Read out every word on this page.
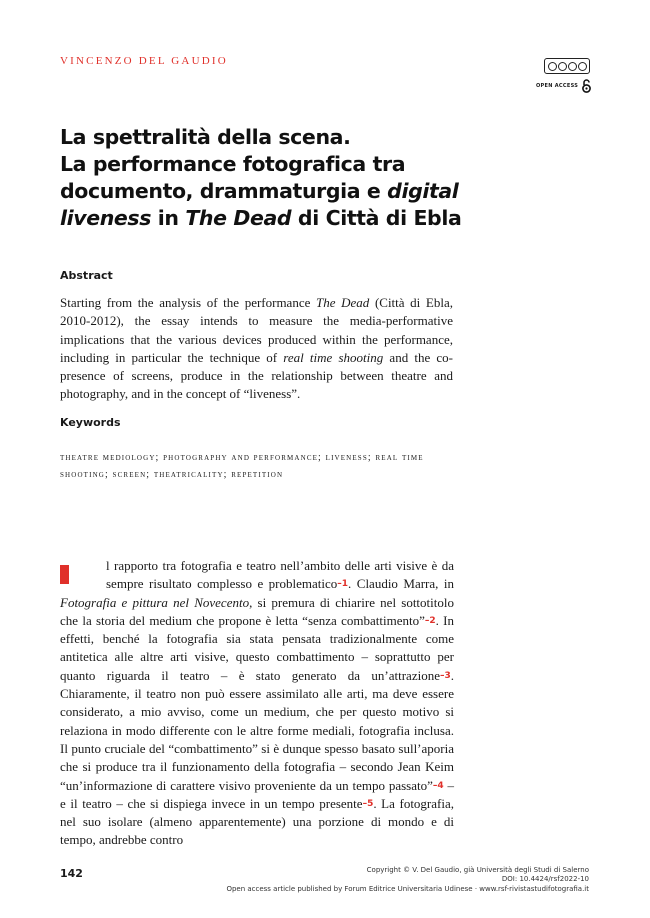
VINCENZO DEL GAUDIO
OPEN ACCESS
La spettralità della scena.
La performance fotografica tra
documento, drammaturgia e digital
liveness in The Dead di Città di Ebla
Abstract

Starting from the analysis of the performance The Dead (Città di Ebla, 2010-2012), the essay intends to measure the media-performative implications that the various devices produced within the performance, including in particular the technique of real time shooting and the co-presence of screens, produce in the relationship between theatre and photography, and in the concept of “liveness”.

Keywords

theatre mediology; photography and performance; liveness; real time shooting; screen; theatricality; repetition

l rapporto tra fotografia e teatro nell’ambito delle arti visive è da sempre risultato complesso e problematico$^{-1}$. Claudio Marra, in Fotografia e pittura nel Novecento, si premura di chiarire nel sottotitolo che la storia del medium che propone è letta “senza combattimento”$^{-2}$. In effetti, benché la fotografia sia stata pensata tradizionalmente come antitetica alle altre arti visive, questo combattimento – soprattutto per quanto riguarda il teatro – è stato generato da un’attrazione$^{-3}$. Chiaramente, il teatro non può essere assimilato alle arti, ma deve essere considerato, a mio avviso, come un medium, che per questo motivo si relaziona in modo differente con le altre forme mediali, fotografia inclusa. Il punto cruciale del “combattimento” si è dunque spesso basato sull’aporia che si produce tra il funzionamento della fotografia – secondo Jean Keim “un’informazione di carattere visivo proveniente da un tempo passato”$^{-4}$ – e il teatro – che si dispiega invece in un tempo presente$^{-5}$. La fotografia, nel suo isolare (almeno apparentemente) una porzione di mondo e di tempo, andrebbe contro

142	Copyright © V. Del Gaudio, già Università degli Studi di Salerno
DOI: 10.4424/rsf2022-10
Open access article published by Forum Editrice Universitaria Udinese · www.rsf-rivistastudifotografia.it
